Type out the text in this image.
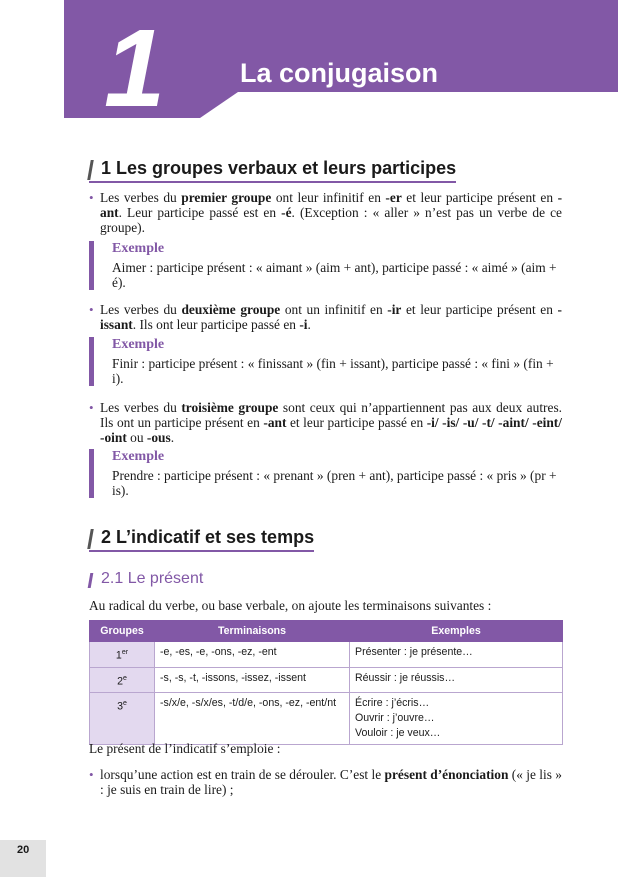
1	La conjugaison
1 Les groupes verbaux et leurs participes
• Les verbes du premier groupe ont leur infinitif en -er et leur participe présent en -ant. Leur participe passé est en -é. (Exception : « aller » n’est pas un verbe de ce groupe).
Exemple
Aimer : participe présent : « aimant » (aim + ant), participe passé : « aimé » (aim + é).
• Les verbes du deuxième groupe ont un infinitif en -ir et leur participe présent en -issant. Ils ont leur participe passé en -i.
Exemple
Finir : participe présent : « finissant » (fin + issant), participe passé : « fini » (fin + i).
• Les verbes du troisième groupe sont ceux qui n’appartiennent pas aux deux autres. Ils ont un participe présent en -ant et leur participe passé en -i/ -is/ -u/ -t/ -aint/ -eint/ -oint ou -ous.
Exemple
Prendre : participe présent : « prenant » (pren + ant), participe passé : « pris » (pr + is).
2 L’indicatif et ses temps
2.1 Le présent
Au radical du verbe, ou base verbale, on ajoute les terminaisons suivantes :
Groupes	Terminaisons	Exemples
1er	-e, -es, -e, -ons, -ez, -ent	Présenter : je présente…

2e	-s, -s, -t, -issons, -issez, -issent	Réussir : je réussis…

3e	-s/x/e, -s/x/es, -t/d/e, -ons, -ez, -ent/nt	Écrire : j’écris…
Ouvrir : j’ouvre…
Vouloir : je veux…
Le présent de l’indicatif s’emploie :
• lorsqu’une action est en train de se dérouler. C’est le présent d’énonciation (« je lis » : je suis en train de lire) ;
20
